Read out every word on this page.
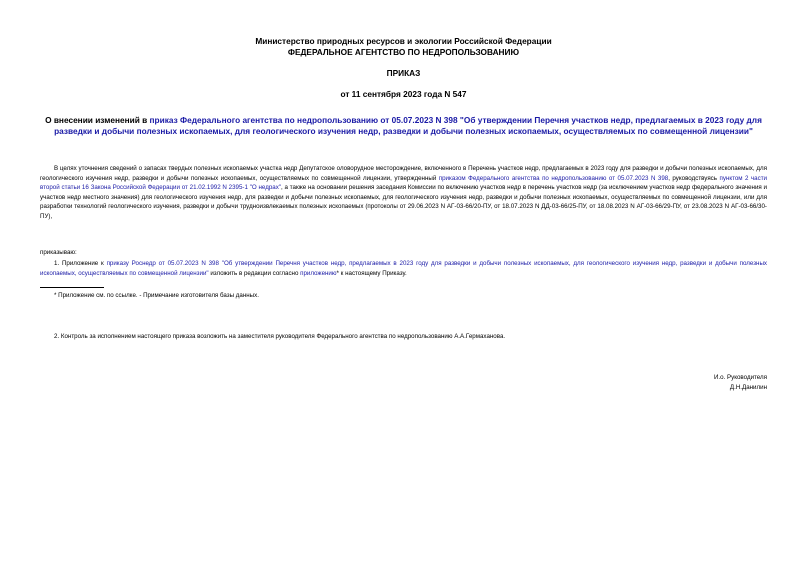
Министерство природных ресурсов и экологии Российской Федерации
ФЕДЕРАЛЬНОЕ АГЕНТСТВО ПО НЕДРОПОЛЬЗОВАНИЮ
ПРИКАЗ
от 11 сентября 2023 года N 547
О внесении изменений в приказ Федерального агентства по недропользованию от 05.07.2023 N 398 "Об утверждении Перечня участков недр, предлагаемых в 2023 году для разведки и добычи полезных ископаемых, для геологического изучения недр, разведки и добычи полезных ископаемых, осуществляемых по совмещенной лицензии"
В целях уточнения сведений о запасах твердых полезных ископаемых участка недр Депутатское оловорудное месторождение, включенного в Перечень участков недр, предлагаемых в 2023 году для разведки и добычи полезных ископаемых, для геологического изучения недр, разведки и добычи полезных ископаемых, осуществляемых по совмещенной лицензии, утвержденный приказом Федерального агентства по недропользованию от 05.07.2023 N 398, руководствуясь пунктом 2 части второй статьи 16 Закона Российской Федерации от 21.02.1992 N 2395-1 "О недрах", а также на основании решения заседания Комиссии по включению участков недр в перечень участков недр (за исключением участков недр федерального значения и участков недр местного значения) для геологического изучения недр, для разведки и добычи полезных ископаемых, для геологического изучения недр, разведки и добычи полезных ископаемых, осуществляемых по совмещенной лицензии, или для разработки технологий геологического изучения, разведки и добычи трудноизвлекаемых полезных ископаемых (протоколы от 29.06.2023 N АГ-03-66/20-ПУ, от 18.07.2023 N ДД-03-66/25-ПУ, от 18.08.2023 N АГ-03-66/29-ПУ, от 23.08.2023 N АГ-03-66/30-ПУ),
приказываю:
1. Приложение к приказу Роснедр от 05.07.2023 N 398 "Об утверждении Перечня участков недр, предлагаемых в 2023 году для разведки и добычи полезных ископаемых, для геологического изучения недр, разведки и добычи полезных ископаемых, осуществляемых по совмещенной лицензии" изложить в редакции согласно приложению* к настоящему Приказу.
* Приложение см. по ссылке. - Примечание изготовителя базы данных.
2. Контроль за исполнением настоящего приказа возложить на заместителя руководителя Федерального агентства по недропользованию А.А.Гермаханова.
И.о. Руководителя
Д.Н.Данилин
